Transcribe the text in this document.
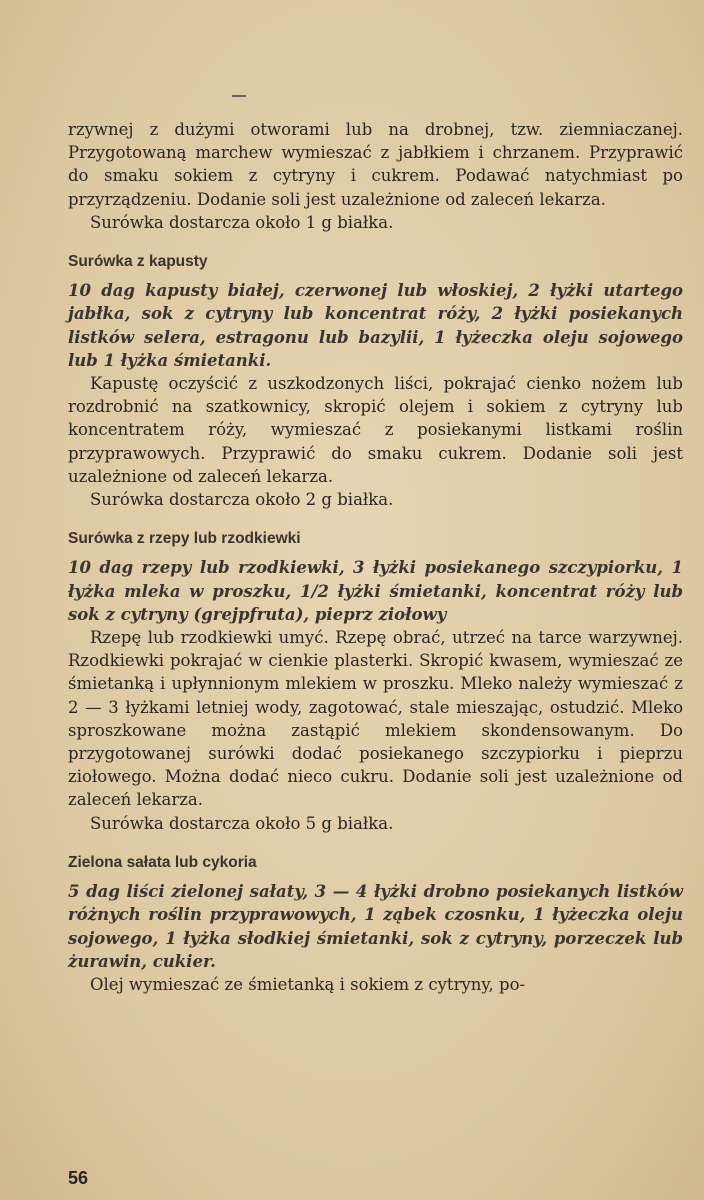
rzywnej z dużymi otworami lub na drobnej, tzw. ziemniaczanej. Przygotowaną marchew wymieszać z jabłkiem i chrzanem. Przyprawić do smaku sokiem z cytryny i cukrem. Podawać natychmiast po przyrządzeniu. Dodanie soli jest uzależnione od zaleceń lekarza.

Surówka dostarcza około 1 g białka.

Surówka z kapusty

10 dag kapusty białej, czerwonej lub włoskiej, 2 łyżki utartego jabłka, sok z cytryny lub koncentrat róży, 2 łyżki posiekanych listków selera, estragonu lub bazylii, 1 łyżeczka oleju sojowego lub 1 łyżka śmietanki.

Kapustę oczyścić z uszkodzonych liści, pokrajać cienko nożem lub rozdrobnić na szatkownicy, skropić olejem i sokiem z cytryny lub koncentratem róży, wymieszać z posiekanymi listkami roślin przyprawowych. Przyprawić do smaku cukrem. Dodanie soli jest uzależnione od zaleceń lekarza.

Surówka dostarcza około 2 g białka.

Surówka z rzepy lub rzodkiewki

10 dag rzepy lub rzodkiewki, 3 łyżki posiekanego szczypiorku, 1 łyżka mleka w proszku, 1/2 łyżki śmietanki, koncentrat róży lub sok z cytryny (grejpfruta), pieprz ziołowy

Rzepę lub rzodkiewki umyć. Rzepę obrać, utrzeć na tarce warzywnej. Rzodkiewki pokrajać w cienkie plasterki. Skropić kwasem, wymieszać ze śmietanką i upłynnionym mlekiem w proszku. Mleko należy wymieszać z 2 — 3 łyżkami letniej wody, zagotować, stale mieszając, ostudzić. Mleko sproszkowane można zastąpić mlekiem skondensowanym. Do przygotowanej surówki dodać posiekanego szczypiorku i pieprzu ziołowego. Można dodać nieco cukru. Dodanie soli jest uzależnione od zaleceń lekarza.

Surówka dostarcza około 5 g białka.

Zielona sałata lub cykoria

5 dag liści zielonej sałaty, 3 — 4 łyżki drobno posiekanych listków różnych roślin przyprawowych, 1 ząbek czosnku, 1 łyżeczka oleju sojowego, 1 łyżka słodkiej śmietanki, sok z cytryny, porzeczek lub żurawin, cukier.

Olej wymieszać ze śmietanką i sokiem z cytryny, po-

56
